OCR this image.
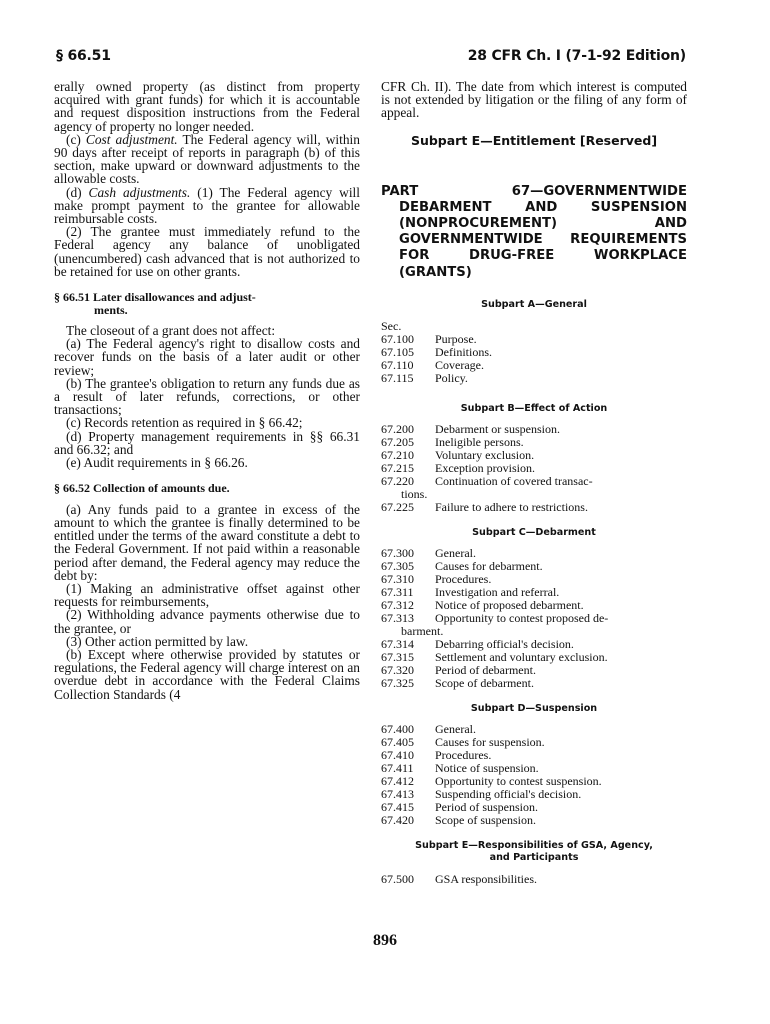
§ 66.51	28 CFR Ch. I (7-1-92 Edition)

erally owned property (as distinct from property acquired with grant funds) for which it is accountable and request disposition instructions from the Federal agency of property no longer needed.

(c) Cost adjustment. The Federal agency will, within 90 days after receipt of reports in paragraph (b) of this section, make upward or downward adjustments to the allowable costs.

(d) Cash adjustments. (1) The Federal agency will make prompt payment to the grantee for allowable reimbursable costs.

(2) The grantee must immediately refund to the Federal agency any balance of unobligated (unencumbered) cash advanced that is not authorized to be retained for use on other grants.

§ 66.51 Later disallowances and adjust-
ments.

The closeout of a grant does not affect:

(a) The Federal agency's right to disallow costs and recover funds on the basis of a later audit or other review;

(b) The grantee's obligation to return any funds due as a result of later refunds, corrections, or other transactions;

(c) Records retention as required in § 66.42;

(d) Property management requirements in §§ 66.31 and 66.32; and

(e) Audit requirements in § 66.26.

§ 66.52 Collection of amounts due.

(a) Any funds paid to a grantee in excess of the amount to which the grantee is finally determined to be entitled under the terms of the award constitute a debt to the Federal Government. If not paid within a reasonable period after demand, the Federal agency may reduce the debt by:

(1) Making an administrative offset against other requests for reimbursements,

(2) Withholding advance payments otherwise due to the grantee, or

(3) Other action permitted by law.

(b) Except where otherwise provided by statutes or regulations, the Federal agency will charge interest on an overdue debt in accordance with the Federal Claims Collection Standards (4

CFR Ch. II). The date from which interest is computed is not extended by litigation or the filing of any form of appeal.

Subpart E—Entitlement [Reserved]

PART 67—GOVERNMENTWIDE DEBARMENT AND SUSPENSION (NONPROCUREMENT) AND GOVERNMENTWIDE REQUIREMENTS FOR DRUG-FREE WORKPLACE (GRANTS)

Subpart A—General

Sec.
67.100	Purpose.
67.105	Definitions.
67.110	Coverage.
67.115	Policy.

Subpart B—Effect of Action

67.200	Debarment or suspension.
67.205	Ineligible persons.
67.210	Voluntary exclusion.
67.215	Exception provision.
67.220	Continuation of covered transac-
tions.
67.225	Failure to adhere to restrictions.

Subpart C—Debarment

67.300	General.
67.305	Causes for debarment.
67.310	Procedures.
67.311	Investigation and referral.
67.312	Notice of proposed debarment.
67.313	Opportunity to contest proposed de-
barment.
67.314	Debarring official's decision.
67.315	Settlement and voluntary exclusion.
67.320	Period of debarment.
67.325	Scope of debarment.

Subpart D—Suspension

67.400	General.
67.405	Causes for suspension.
67.410	Procedures.
67.411	Notice of suspension.
67.412	Opportunity to contest suspension.
67.413	Suspending official's decision.
67.415	Period of suspension.
67.420	Scope of suspension.

Subpart E—Responsibilities of GSA, Agency,
and Participants

67.500	GSA responsibilities.
896
